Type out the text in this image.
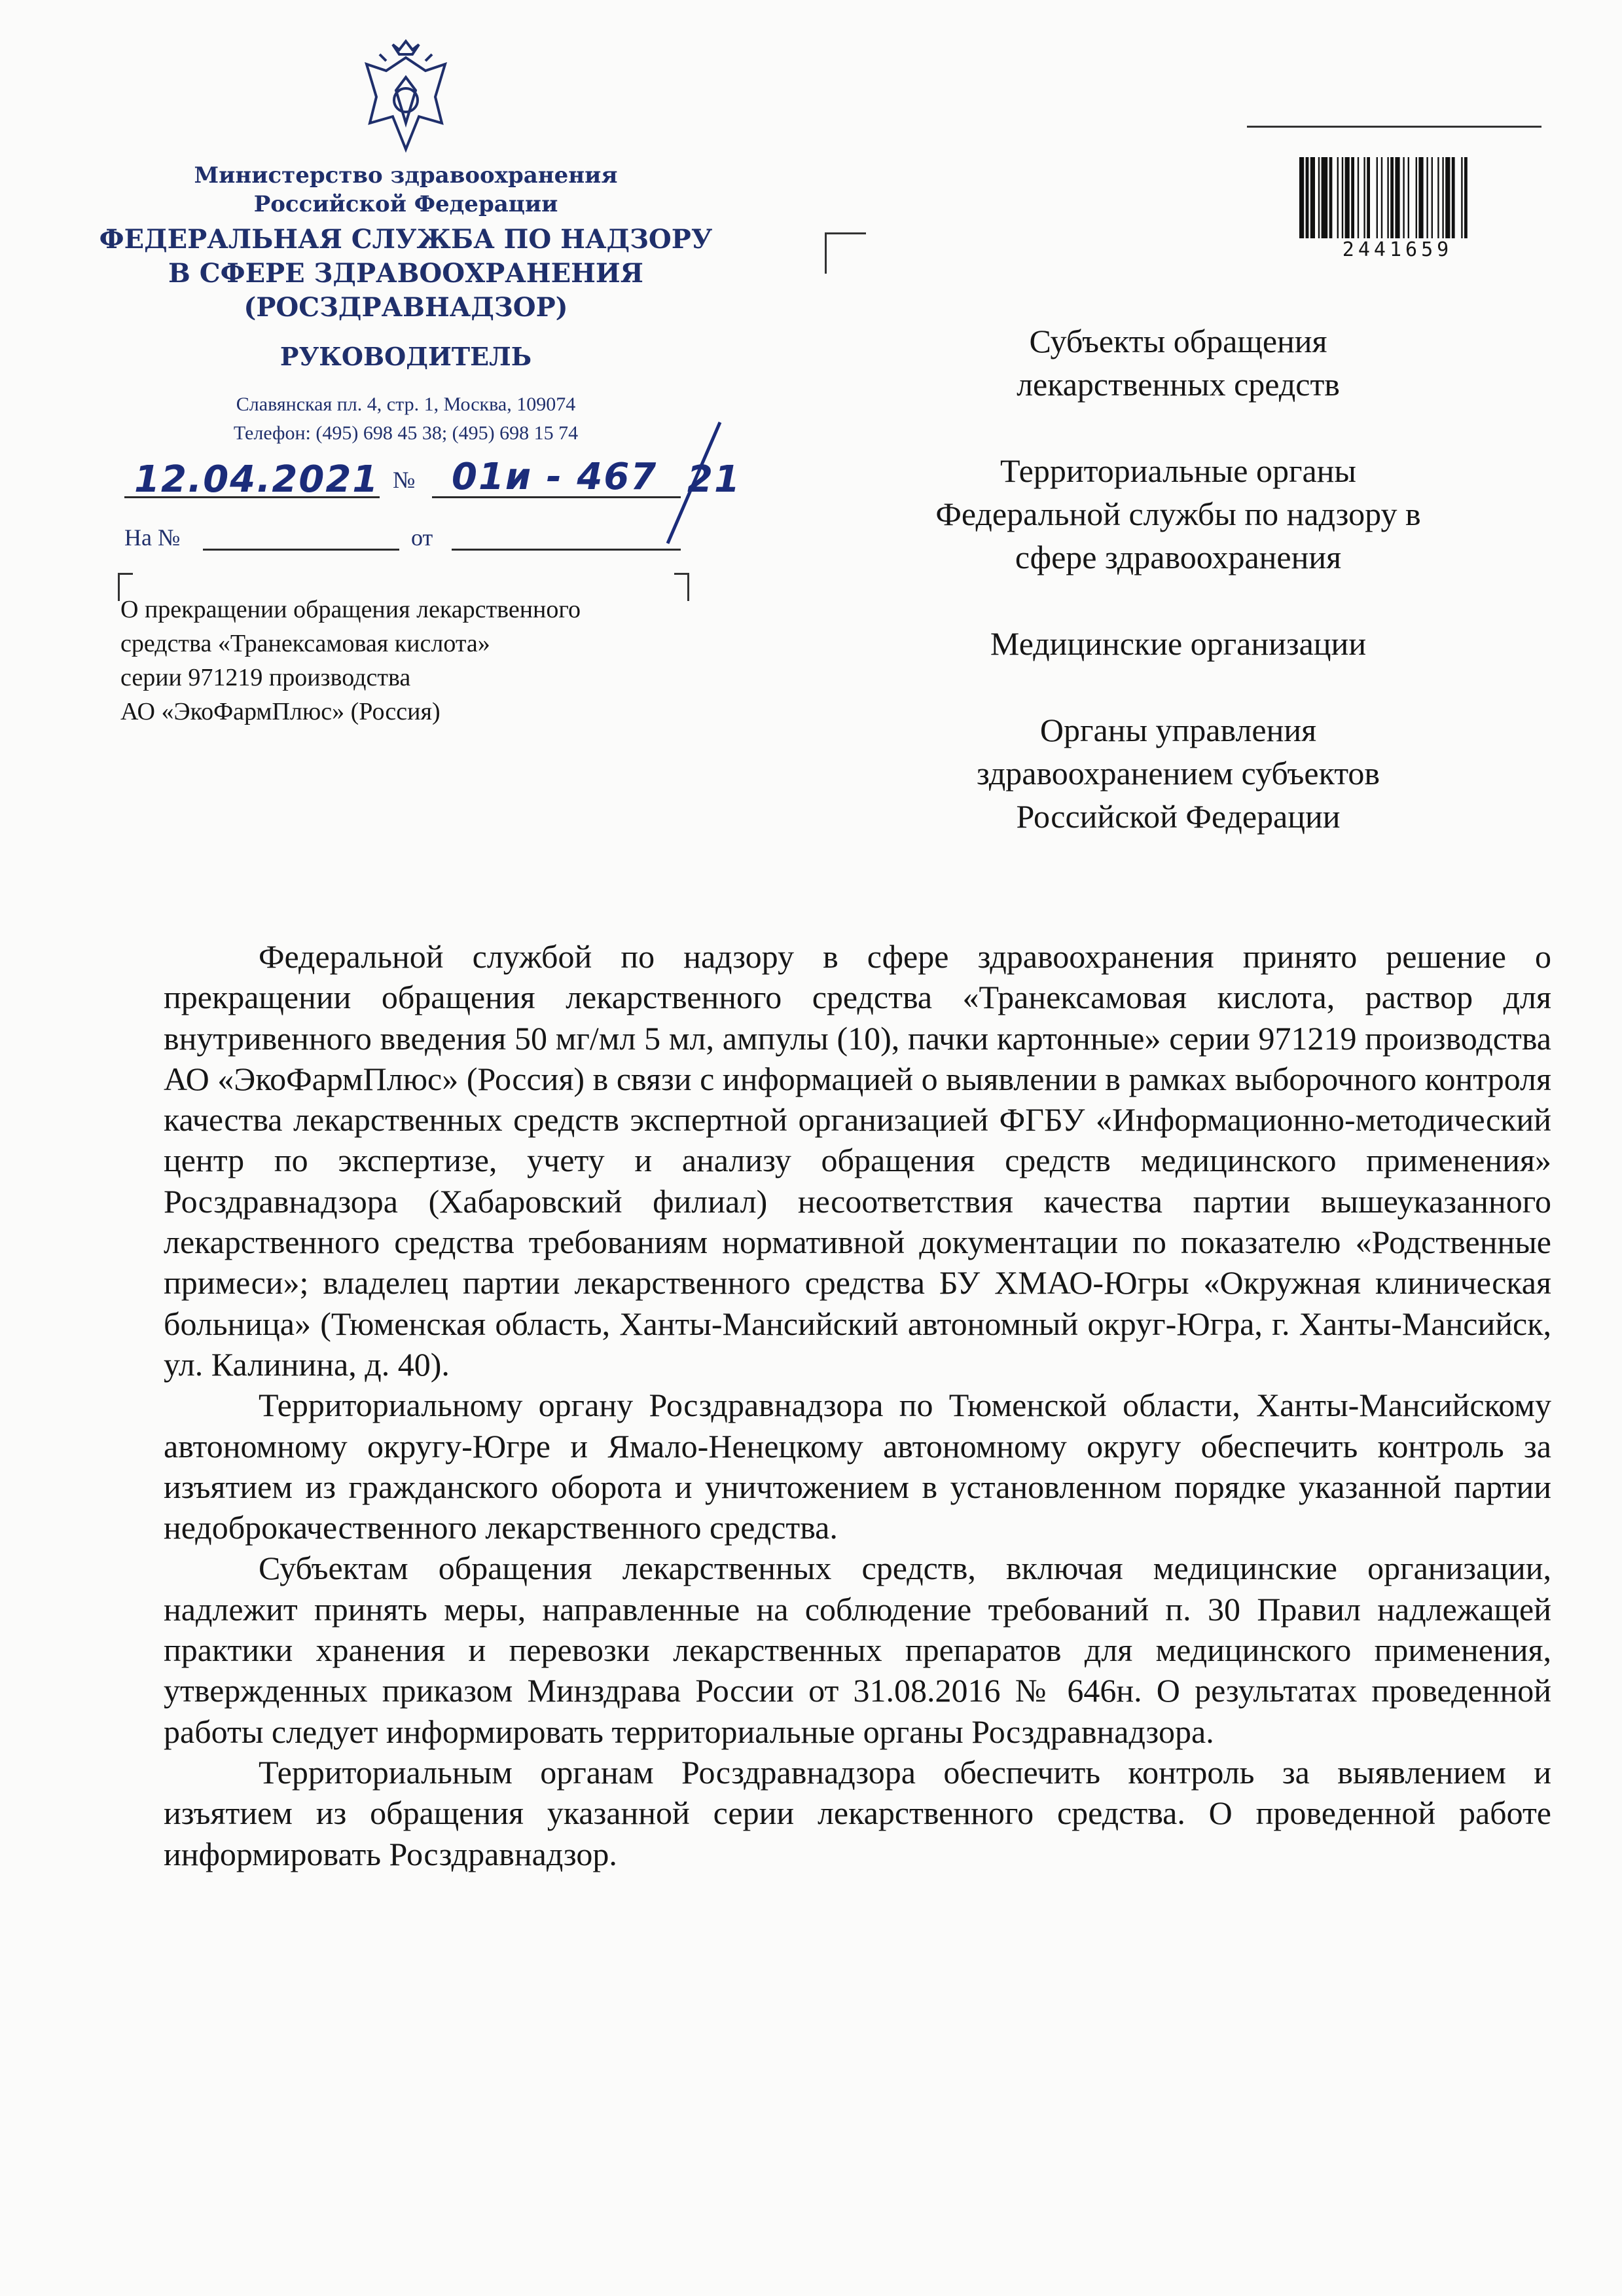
Министерство здравоохранения
Российской Федерации
ФЕДЕРАЛЬНАЯ СЛУЖБА ПО НАДЗОРУ
В СФЕРЕ ЗДРАВООХРАНЕНИЯ
(РОСЗДРАВНАДЗОР)
РУКОВОДИТЕЛЬ
Славянская пл. 4, стр. 1, Москва, 109074
Телефон: (495) 698 45 38; (495) 698 15 74
12.04.2021 № 01и - 467 21
На №	от
О прекращении обращения лекарственного
средства «Транексамовая кислота»
серии 971219 производства
АО «ЭкоФармПлюс» (Россия)
2441659

Субъекты обращения
лекарственных средств

Территориальные органы
Федеральной службы по надзору в
сфере здравоохранения

Медицинские организации

Органы управления
здравоохранением субъектов
Российской Федерации

Федеральной службой по надзору в сфере здравоохранения принято решение о прекращении обращения лекарственного средства «Транексамовая кислота, раствор для внутривенного введения 50 мг/мл 5 мл, ампулы (10), пачки картонные» серии 971219 производства АО «ЭкоФармПлюс» (Россия) в связи с информацией о выявлении в рамках выборочного контроля качества лекарственных средств экспертной организацией ФГБУ «Информационно-методический центр по экспертизе, учету и анализу обращения средств медицинского применения» Росздравнадзора (Хабаровский филиал) несоответствия качества партии вышеуказанного лекарственного средства требованиям нормативной документации по показателю «Родственные примеси»; владелец партии лекарственного средства БУ ХМАО-Югры «Окружная клиническая больница» (Тюменская область, Ханты-Мансийский автономный округ-Югра, г. Ханты-Мансийск, ул. Калинина, д. 40).

Территориальному органу Росздравнадзора по Тюменской области, Ханты-Мансийскому автономному округу-Югре и Ямало-Ненецкому автономному округу обеспечить контроль за изъятием из гражданского оборота и уничтожением в установленном порядке указанной партии недоброкачественного лекарственного средства.

Субъектам обращения лекарственных средств, включая медицинские организации, надлежит принять меры, направленные на соблюдение требований п. 30 Правил надлежащей практики хранения и перевозки лекарственных препаратов для медицинского применения, утвержденных приказом Минздрава России от 31.08.2016 № 646н. О результатах проведенной работы следует информировать территориальные органы Росздравнадзора.

Территориальным органам Росздравнадзора обеспечить контроль за выявлением и изъятием из обращения указанной серии лекарственного средства. О проведенной работе информировать Росздравнадзор.
